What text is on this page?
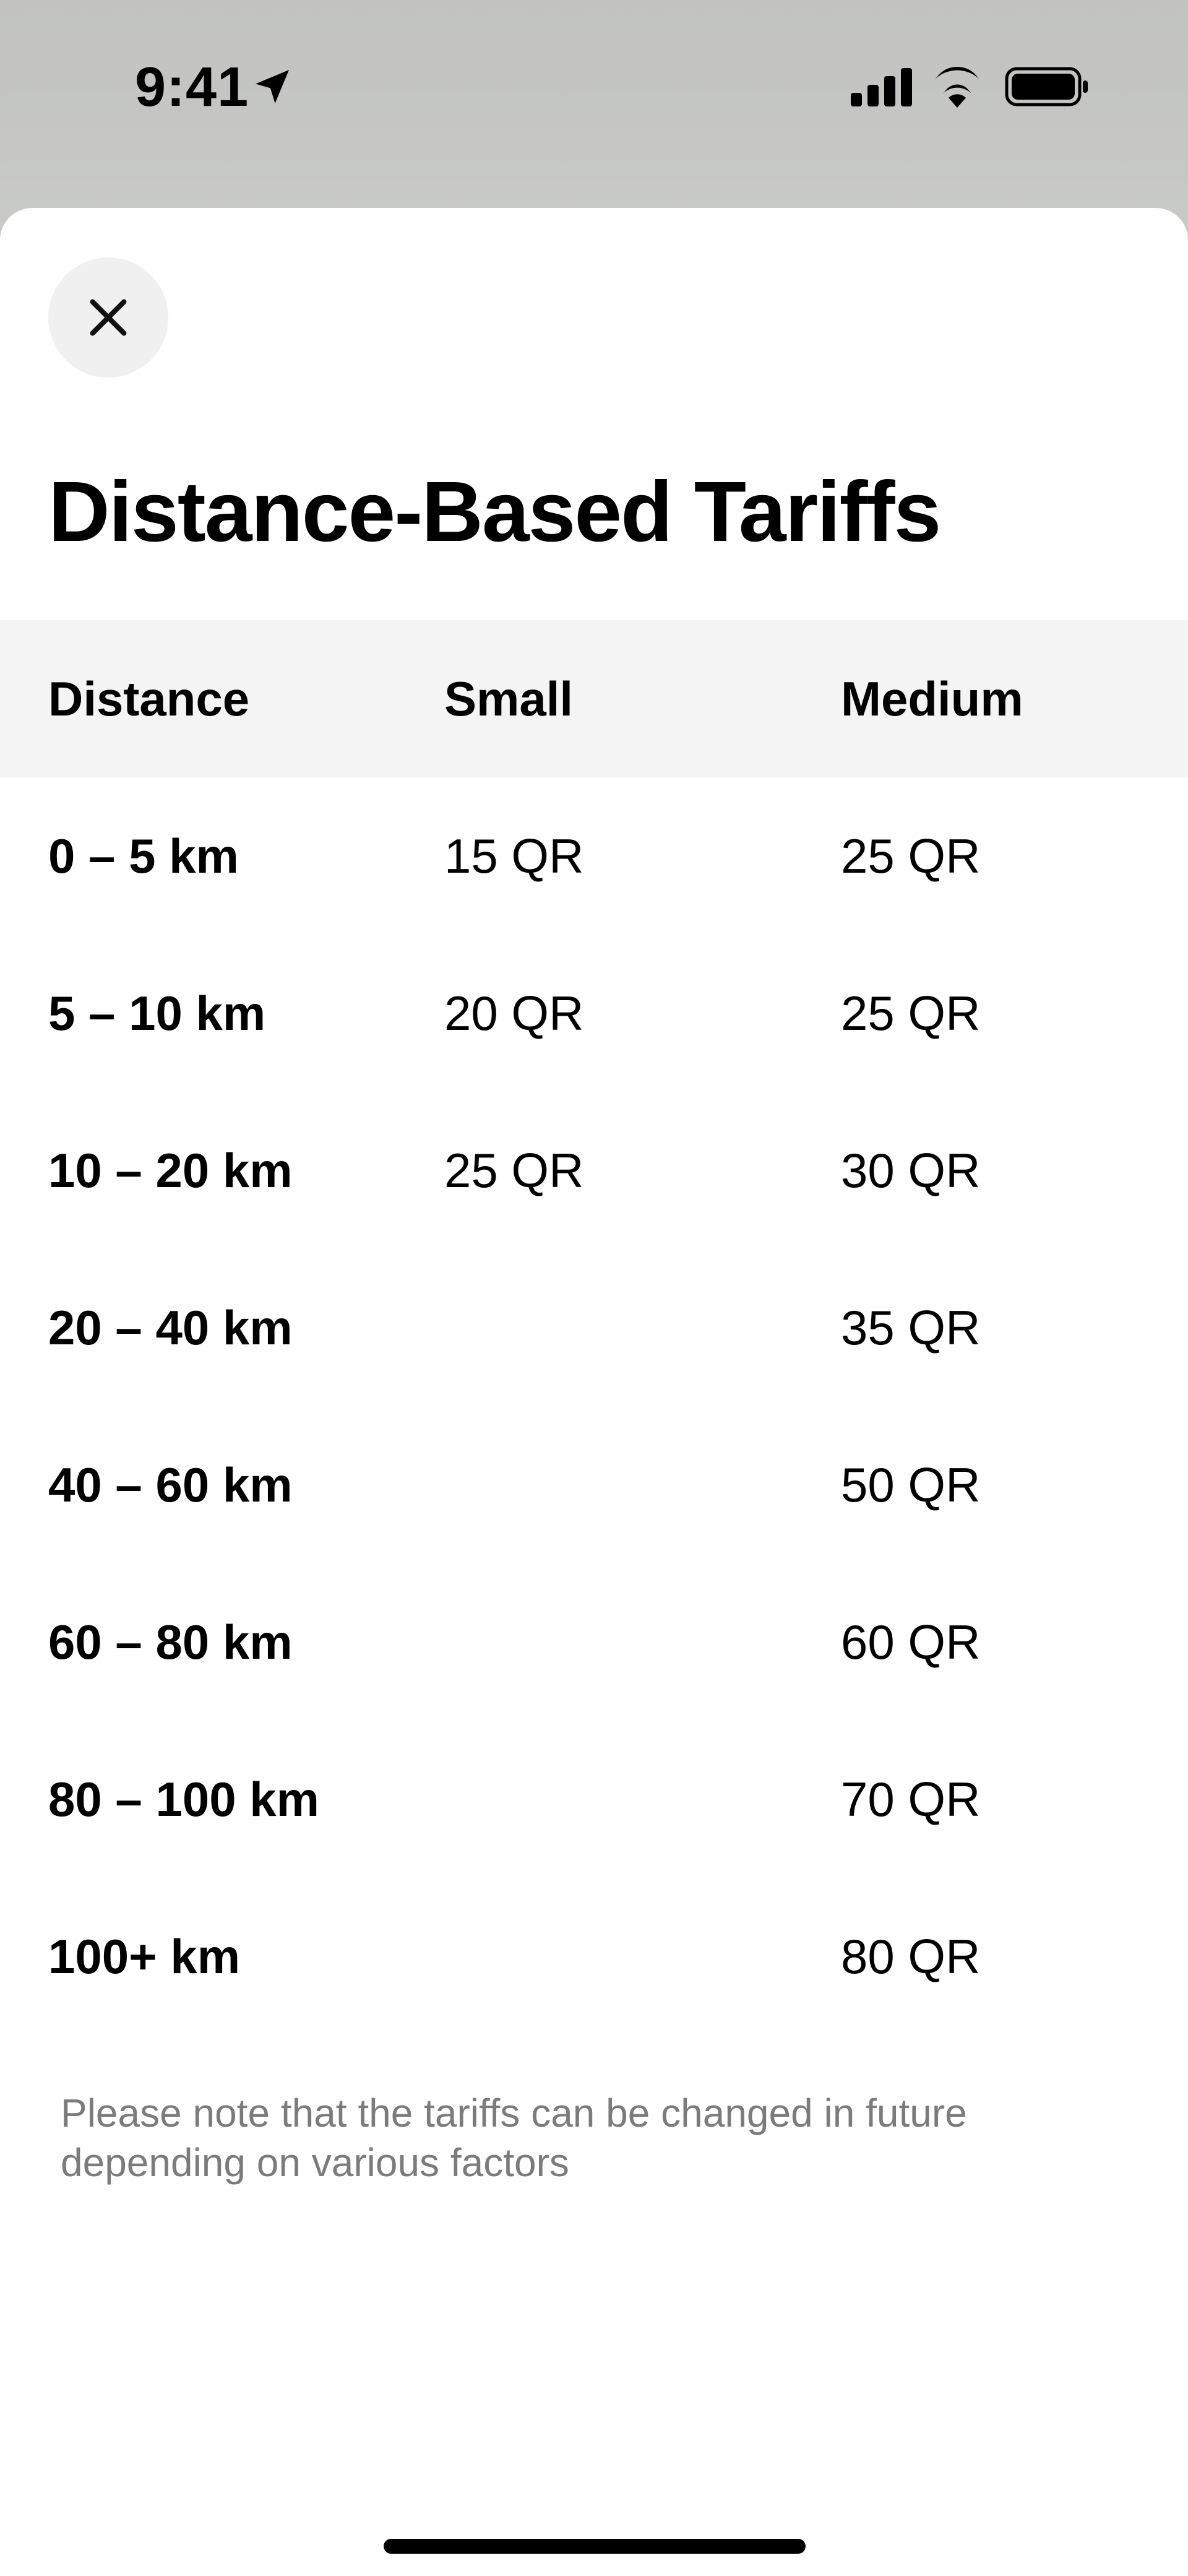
9:41
Distance-Based Tariffs
Distance	Small	Medium
0 – 5 km	15 QR	25 QR
5 – 10 km	20 QR	25 QR
10 – 20 km	25 QR	30 QR
20 – 40 km		35 QR
40 – 60 km		50 QR
60 – 80 km		60 QR
80 – 100 km		70 QR
100+ km		80 QR

Please note that the tariffs can be changed in future depending on various factors
